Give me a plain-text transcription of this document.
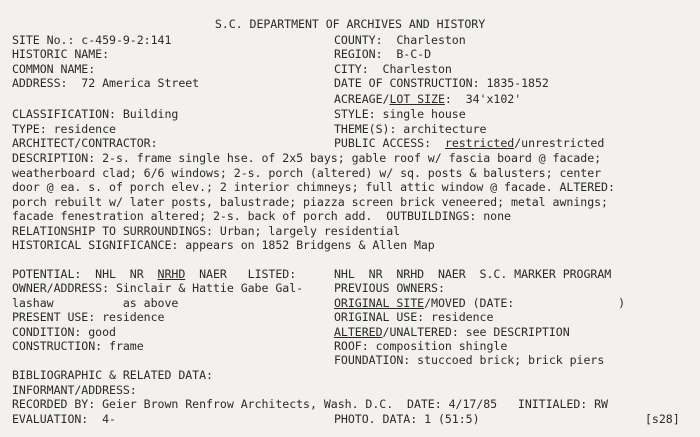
S.C. DEPARTMENT OF ARCHIVES AND HISTORY
SITE No.: c-459-9-2:141
HISTORIC NAME:
COMMON NAME:
ADDRESS:  72 America Street
CLASSIFICATION: Building
TYPE: residence
ARCHITECT/CONTRACTOR:
COUNTY:  Charleston
REGION:  B-C-D
CITY:  Charleston
DATE OF CONSTRUCTION: 1835-1852
ACREAGE/LOT SIZE:  34'x102'
STYLE: single house
THEME(S): architecture
PUBLIC ACCESS:  restricted/unrestricted
DESCRIPTION: 2-s. frame single hse. of 2x5 bays; gable roof w/ fascia board @ facade;
weatherboard clad; 6/6 windows; 2-s. porch (altered) w/ sq. posts & balusters; center
door @ ea. s. of porch elev.; 2 interior chimneys; full attic window @ facade. ALTERED:
porch rebuilt w/ later posts, balustrade; piazza screen brick veneered; metal awnings;
facade fenestration altered; 2-s. back of porch add.  OUTBUILDINGS: none
RELATIONSHIP TO SURROUNDINGS: Urban; largely residential
HISTORICAL SIGNIFICANCE: appears on 1852 Bridgens & Allen Map
POTENTIAL:  NHL  NR  NRHD  NAER   LISTED:
OWNER/ADDRESS: Sinclair & Hattie Gabe Gal-
lashaw          as above
PRESENT USE: residence
CONDITION: good
CONSTRUCTION: frame
NHL  NR  NRHD  NAER  S.C. MARKER PROGRAM
PREVIOUS OWNERS:
ORIGINAL SITE/MOVED (DATE:               )
ORIGINAL USE: residence
ALTERED/UNALTERED: see DESCRIPTION
ROOF: composition shingle
FOUNDATION: stuccoed brick; brick piers
BIBLIOGRAPHIC & RELATED DATA:
INFORMANT/ADDRESS:
RECORDED BY: Geier Brown Renfrow Architects, Wash. D.C.  DATE: 4/17/85   INITIALED: RW
EVALUATION:  4-	PHOTO. DATA: 1 (51:5)	[s28]
